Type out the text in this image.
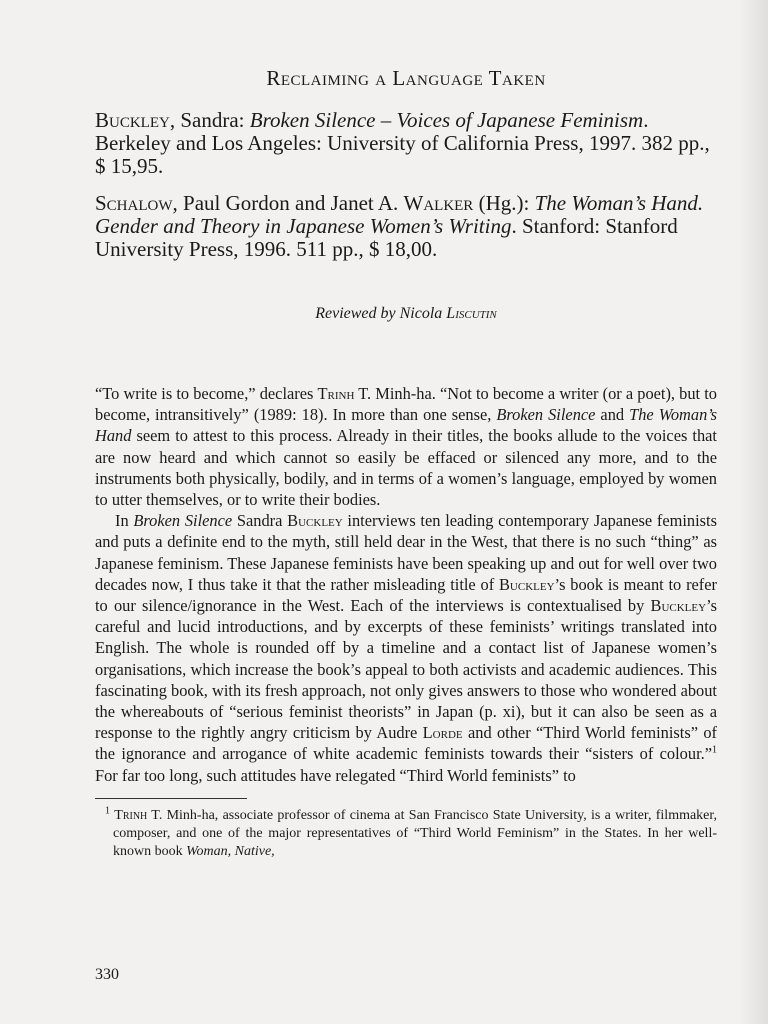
Reclaiming a Language Taken

Buckley, Sandra: Broken Silence – Voices of Japanese Feminism. Berkeley and Los Angeles: University of California Press, 1997. 382 pp., $ 15,95.

Schalow, Paul Gordon and Janet A. Walker (Hg.): The Woman’s Hand. Gender and Theory in Japanese Women’s Writing. Stanford: Stanford University Press, 1996. 511 pp., $ 18,00.

Reviewed by Nicola Liscutin

“To write is to become,” declares Trinh T. Minh-ha. “Not to become a writer (or a poet), but to become, intransitively” (1989: 18). In more than one sense, Broken Silence and The Woman’s Hand seem to attest to this process. Already in their titles, the books allude to the voices that are now heard and which cannot so easily be effaced or silenced any more, and to the instruments both physically, bodily, and in terms of a women’s language, employed by women to utter themselves, or to write their bodies.

In Broken Silence Sandra Buckley interviews ten leading contemporary Japanese feminists and puts a definite end to the myth, still held dear in the West, that there is no such “thing” as Japanese feminism. These Japanese feminists have been speaking up and out for well over two decades now, I thus take it that the rather misleading title of Buckley’s book is meant to refer to our silence/ignorance in the West. Each of the interviews is contextualised by Buckley’s careful and lucid introductions, and by excerpts of these feminists’ writings translated into English. The whole is rounded off by a timeline and a contact list of Japanese women’s organisations, which increase the book’s appeal to both activists and academic audiences. This fascinating book, with its fresh approach, not only gives answers to those who wondered about the whereabouts of “serious feminist theorists” in Japan (p. xi), but it can also be seen as a response to the rightly angry criticism by Audre Lorde and other “Third World feminists” of the ignorance and arrogance of white academic feminists towards their “sisters of colour.”$^1$ For far too long, such attitudes have relegated “Third World feminists” to

$^1$ Trinh T. Minh-ha, associate professor of cinema at San Francisco State University, is a writer, filmmaker, composer, and one of the major representatives of “Third World Feminism” in the States. In her well-known book Woman, Native,
330
